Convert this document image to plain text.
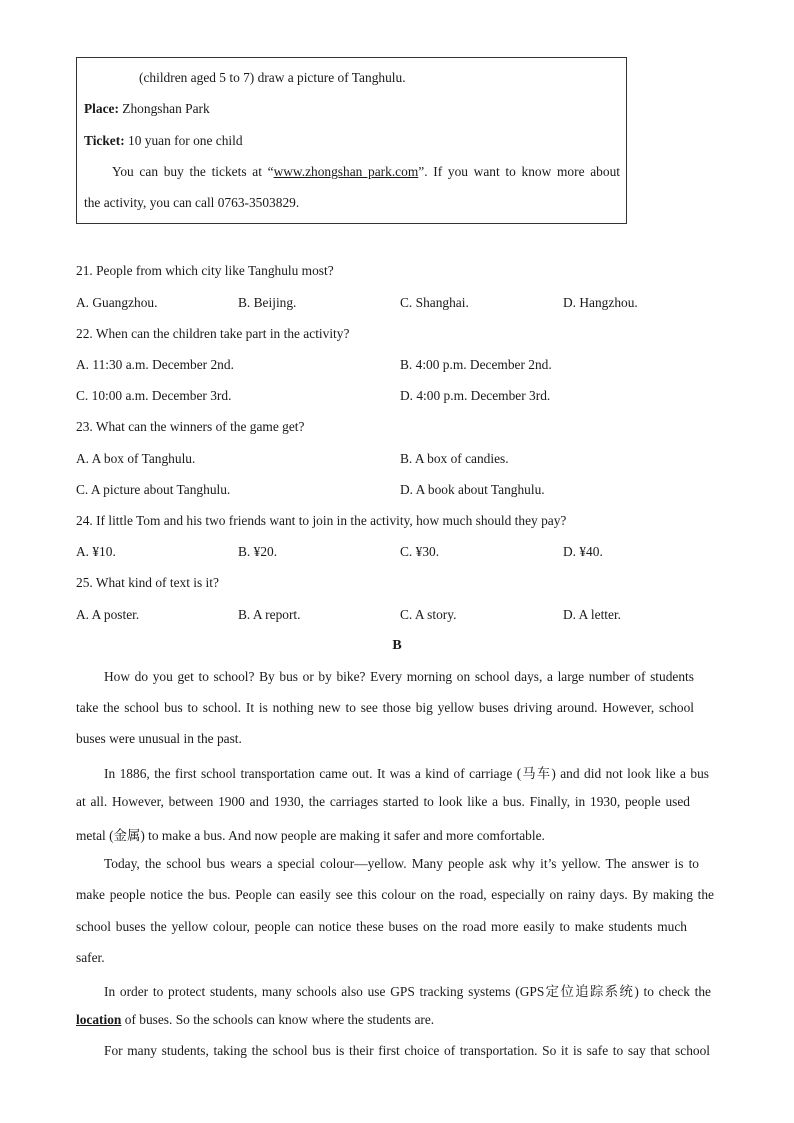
(children aged 5 to 7) draw a picture of Tanghulu.
Place: Zhongshan Park
Ticket: 10 yuan for one child
You can buy the tickets at “www.zhongshan park.com”. If you want to know more about
the activity, you can call 0763-3503829.
21. People from which city like Tanghulu most?
A. Guangzhou.	B. Beijing.	C. Shanghai.	D. Hangzhou.
22. When can the children take part in the activity?
A. 11:30 a.m. December 2nd.	B. 4:00 p.m. December 2nd.
C. 10:00 a.m. December 3rd.	D. 4:00 p.m. December 3rd.
23. What can the winners of the game get?
A. A box of Tanghulu.	B. A box of candies.
C. A picture about Tanghulu.	D. A book about Tanghulu.
24. If little Tom and his two friends want to join in the activity, how much should they pay?
A. ¥10.	B. ¥20.	C. ¥30.	D. ¥40.
25. What kind of text is it?
A. A poster.	B. A report.	C. A story.	D. A letter.
B
How do you get to school? By bus or by bike? Every morning on school days, a large number of students
take the school bus to school. It is nothing new to see those big yellow buses driving around. However, school
buses were unusual in the past.
In 1886, the first school transportation came out. It was a kind of carriage (马车) and did not look like a bus
at all. However, between 1900 and 1930, the carriages started to look like a bus. Finally, in 1930, people used
metal (金属) to make a bus. And now people are making it safer and more comfortable.
Today, the school bus wears a special colour—yellow. Many people ask why it’s yellow. The answer is to
make people notice the bus. People can easily see this colour on the road, especially on rainy days. By making the
school buses the yellow colour, people can notice these buses on the road more easily to make students much
safer.
In order to protect students, many schools also use GPS tracking systems (GPS定位追踪系统) to check the
location of buses. So the schools can know where the students are.
For many students, taking the school bus is their first choice of transportation. So it is safe to say that school
